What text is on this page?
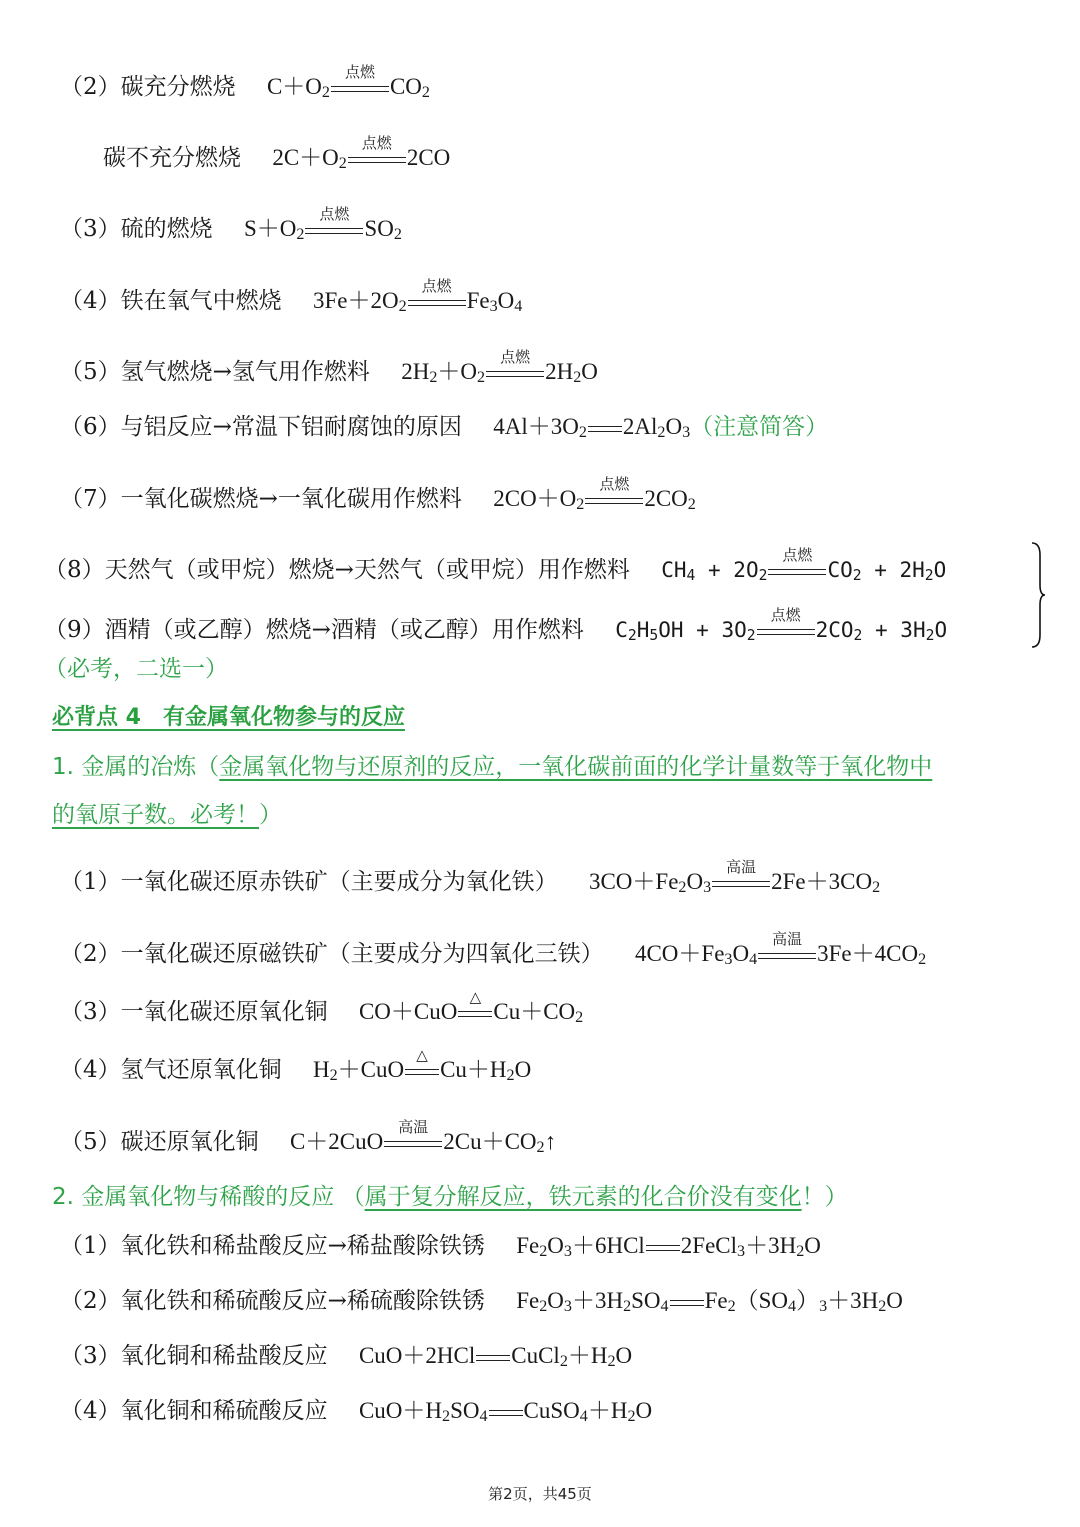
（2）碳充分燃烧 $C+O_2$
点燃
$CO_2$
碳不充分燃烧 $2C+O_2$
点燃
2CO
（3）硫的燃烧 $S+O_2$
点燃
$SO_2$
（4）铁在氧气中燃烧 $3Fe+2O_2$
点燃
$Fe_3O_4$
（5）氢气燃烧→氢气用作燃料 $2H_2+O_2$
点燃
$2H_2O$
（6）与铝反应→常温下铝耐腐蚀的原因 $4Al+3O_2$ $2Al_2O_3$（注意简答）
（7）一氧化碳燃烧→一氧化碳用作燃料 $2CO+O_2$
点燃
$2CO_2$
（8）天然气（或甲烷）燃烧→天然气（或甲烷）用作燃料 $CH_4 + 2O_2$
点燃
$CO_2 + 2H_2O$
（9）酒精（或乙醇）燃烧→酒精（或乙醇）用作燃料 $C_2H_5OH + 3O_2$
点燃
$2CO_2 + 3H_2O$
（必考，二选一）
必背点 4　有金属氧化物参与的反应
1. 金属的冶炼（金属氧化物与还原剂的反应，一氧化碳前面的化学计量数等于氧化物中
的氧原子数。必考！）
（1）一氧化碳还原赤铁矿（主要成分为氧化铁） $3CO+Fe_2O_3$
高温
$2Fe+3CO_2$
（2）一氧化碳还原磁铁矿（主要成分为四氧化三铁） $4CO+Fe_3O_4$
高温
$3Fe+4CO_2$
（3）一氧化碳还原氧化铜 CO＋CuO
△
$Cu+CO_2$
（4）氢气还原氧化铜 $H_2+CuO$
△
$Cu+H_2O$
（5）碳还原氧化铜 C＋2CuO
高温
$2Cu+CO_2↑$
2. 金属氧化物与稀酸的反应 （属于复分解反应，铁元素的化合价没有变化！）
（1）氧化铁和稀盐酸反应→稀盐酸除铁锈 $Fe_2O_3+6HCl$ $2FeCl_3+3H_2O$
（2）氧化铁和稀硫酸反应→稀硫酸除铁锈 $Fe_2O_3+3H_2SO_4$ $Fe_2(SO_4)_3+3H_2O$
（3）氧化铜和稀盐酸反应 CuO＋2HCl $CuCl_2+H_2O$
（4）氧化铜和稀硫酸反应 $CuO+H_2SO_4$ $CuSO_4+H_2O$
第2页，共45页
